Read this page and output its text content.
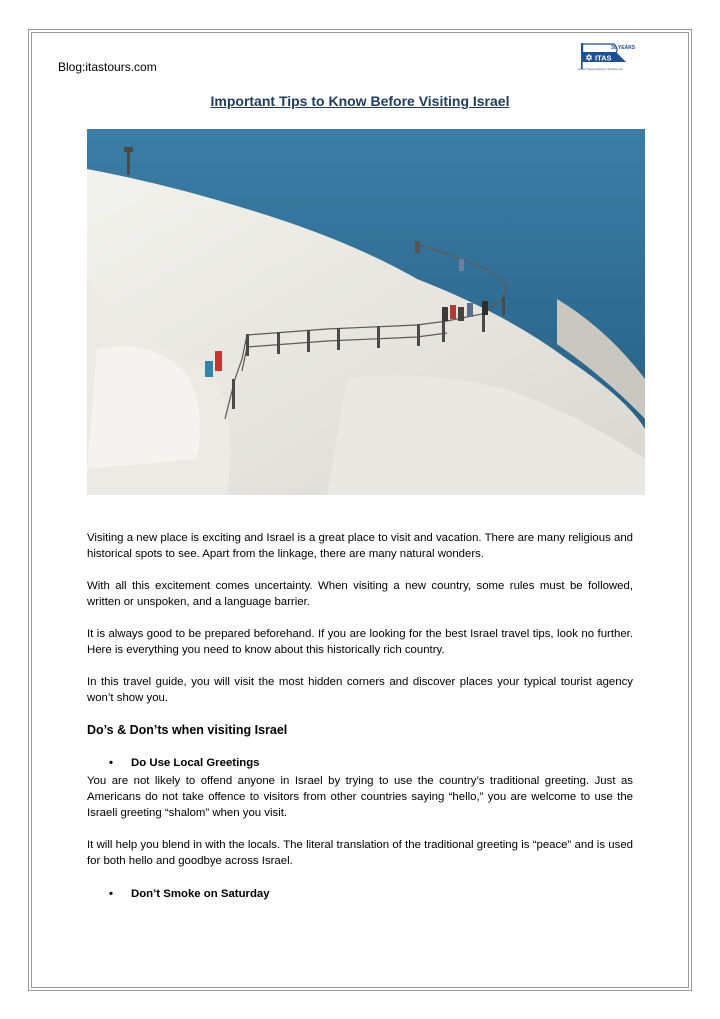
Blog:itastours.com
ITAS
30 YEARS
Israel Travel Advisory Service Ltd
Important Tips to Know Before Visiting Israel
Visiting a new place is exciting and Israel is a great place to visit and vacation. There are many religious and historical spots to see. Apart from the linkage, there are many natural wonders.
With all this excitement comes uncertainty. When visiting a new country, some rules must be followed, written or unspoken, and a language barrier.
It is always good to be prepared beforehand. If you are looking for the best Israel travel tips, look no further. Here is everything you need to know about this historically rich country.
In this travel guide, you will visit the most hidden corners and discover places your typical tourist agency won’t show you.
Do’s & Don’ts when visiting Israel
• Do Use Local Greetings
You are not likely to offend anyone in Israel by trying to use the country’s traditional greeting. Just as Americans do not take offence to visitors from other countries saying “hello,” you are welcome to use the Israeli greeting “shalom” when you visit.
It will help you blend in with the locals. The literal translation of the traditional greeting is “peace” and is used for both hello and goodbye across Israel.
• Don’t Smoke on Saturday
